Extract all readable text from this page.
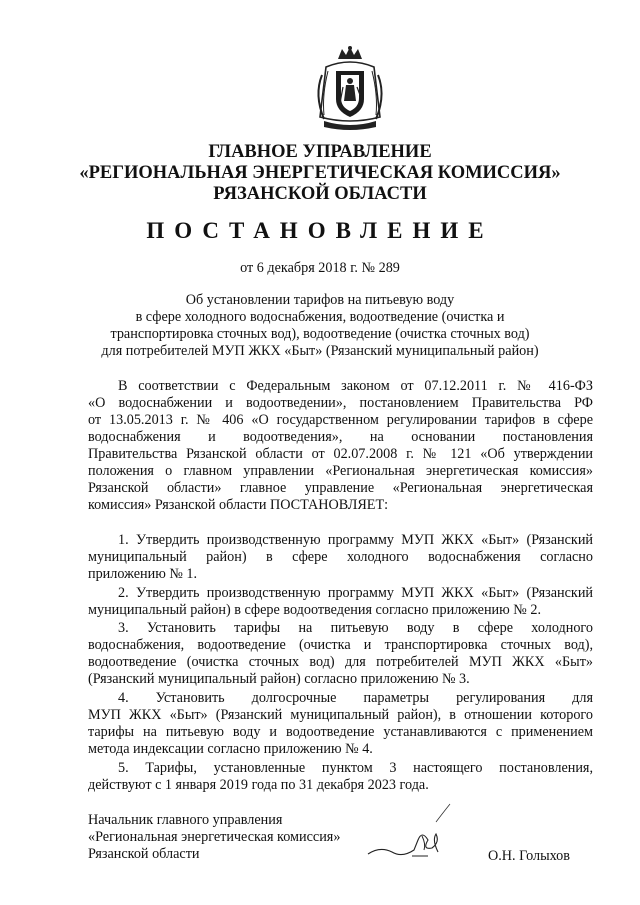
ГЛАВНОЕ УПРАВЛЕНИЕ
«РЕГИОНАЛЬНАЯ ЭНЕРГЕТИЧЕСКАЯ КОМИССИЯ»
РЯЗАНСКОЙ ОБЛАСТИ
ПОСТАНОВЛЕНИЕ
от 6 декабря 2018 г. № 289
Об установлении тарифов на питьевую воду
в сфере холодного водоснабжения, водоотведение (очистка и
транспортировка сточных вод), водоотведение (очистка сточных вод)
для потребителей МУП ЖКХ «Быт» (Рязанский муниципальный район)
В соответствии с Федеральным законом от 07.12.2011 г. № 416-ФЗ
«О водоснабжении и водоотведении», постановлением Правительства РФ
от 13.05.2013 г. № 406 «О государственном регулировании тарифов в сфере
водоснабжения и водоотведения», на основании постановления
Правительства Рязанской области от 02.07.2008 г. № 121 «Об утверждении
положения о главном управлении «Региональная энергетическая комиссия»
Рязанской области» главное управление «Региональная энергетическая
комиссия» Рязанской области ПОСТАНОВЛЯЕТ:
1. Утвердить производственную программу МУП ЖКХ «Быт» (Рязанский
муниципальный район) в сфере холодного водоснабжения согласно
приложению № 1.
2. Утвердить производственную программу МУП ЖКХ «Быт» (Рязанский
муниципальный район) в сфере водоотведения согласно приложению № 2.
3. Установить тарифы на питьевую воду в сфере холодного
водоснабжения, водоотведение (очистка и транспортировка сточных вод),
водоотведение (очистка сточных вод) для потребителей МУП ЖКХ «Быт»
(Рязанский муниципальный район) согласно приложению № 3.
4. Установить долгосрочные параметры регулирования для
МУП ЖКХ «Быт» (Рязанский муниципальный район), в отношении которого
тарифы на питьевую воду и водоотведение устанавливаются с применением
метода индексации согласно приложению № 4.
5. Тарифы, установленные пунктом 3 настоящего постановления,
действуют с 1 января 2019 года по 31 декабря 2023 года.
Начальник главного управления
«Региональная энергетическая комиссия»
Рязанской области	О.Н. Голыхов
